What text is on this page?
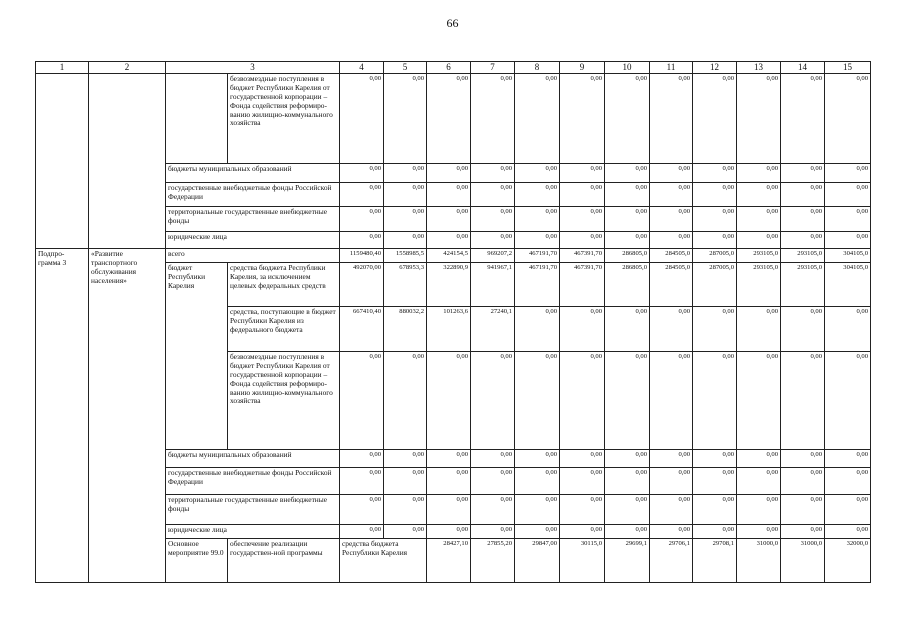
66
1	2	3		4	5	6	7	8	9	10	11	12	13	14	15	
			безвозмездные поступления в бюджет Республики Карелия от государственной корпорации – Фонда содействия реформиро-ванию жилищно-коммунального хозяйства	0,00	0,00	0,00	0,00	0,00	0,00	0,00	0,00	0,00	0,00	0,00	0,00	
		бюджеты муниципальных образований		0,00	0,00	0,00	0,00	0,00	0,00	0,00	0,00	0,00	0,00	0,00	0,00	
		государственные внебюджетные фонды Российской Федерации		0,00	0,00	0,00	0,00	0,00	0,00	0,00	0,00	0,00	0,00	0,00	0,00	
		территориальные государственные внебюджетные фонды		0,00	0,00	0,00	0,00	0,00	0,00	0,00	0,00	0,00	0,00	0,00	0,00	
		юридические лица		0,00	0,00	0,00	0,00	0,00	0,00	0,00	0,00	0,00	0,00	0,00	0,00	
Подпро-грамма 3	«Развитие транспортного обслуживания населения»	всего		1159480,40	1558985,5	424154,5	969207,2	467191,70	467391,70	286805,0	284505,0	287005,0	293105,0	293105,0	304105,0	
		бюджет Республики Карелия	средства бюджета Республики Карелия, за исключением целевых федеральных средств	492070,00	678953,3	322890,9	941967,1	467191,70	467391,70	286805,0	284505,0	287005,0	293105,0	293105,0	304105,0	
			средства, поступающие в бюджет Республики Карелия из федерального бюджета	667410,40	880032,2	101263,6	27240,1	0,00	0,00	0,00	0,00	0,00	0,00	0,00	0,00	
			безвозмездные поступления в бюджет Республики Карелия от государственной корпорации – Фонда содействия реформиро-ванию жилищно-коммунального хозяйства	0,00	0,00	0,00	0,00	0,00	0,00	0,00	0,00	0,00	0,00	0,00	0,00	
		бюджеты муниципальных образований		0,00	0,00	0,00	0,00	0,00	0,00	0,00	0,00	0,00	0,00	0,00	0,00	
		государственные внебюджетные фонды Российской Федерации		0,00	0,00	0,00	0,00	0,00	0,00	0,00	0,00	0,00	0,00	0,00	0,00	
		территориальные государственные внебюджетные фонды		0,00	0,00	0,00	0,00	0,00	0,00	0,00	0,00	0,00	0,00	0,00	0,00	
		юридические лица		0,00	0,00	0,00	0,00	0,00	0,00	0,00	0,00	0,00	0,00	0,00	0,00	
		Основное мероприятие 99.0	обеспечение реализации государствен-ной программы	средства бюджета Республики Карелия		28427,10	27855,20	29847,00	30115,0	29699,1	29706,1	29708,1	31000,0	31000,0	32000,0		
